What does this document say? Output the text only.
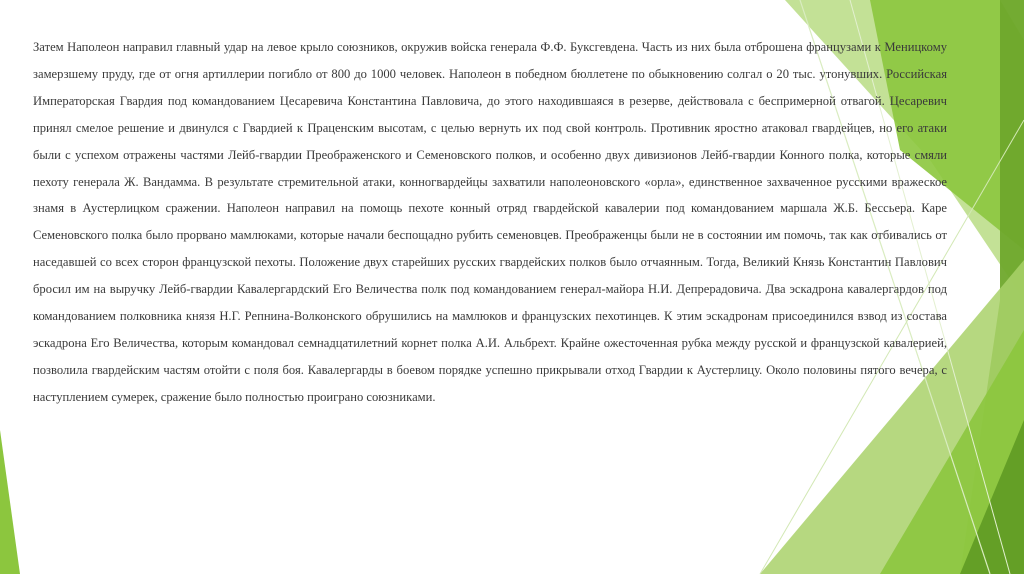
Затем Наполеон направил главный удар на левое крыло союзников, окружив войска генерала Ф.Ф. Буксгевдена. Часть из них была отброшена французами к Меницкому замерзшему пруду, где от огня артиллерии погибло от 800 до 1000 человек. Наполеон в победном бюллетене по обыкновению солгал о 20 тыс. утонувших. Российская Императорская Гвардия под командованием Цесаревича Константина Павловича, до этого находившаяся в резерве, действовала с беспримерной отвагой. Цесаревич принял смелое решение и двинулся с Гвардией к Праценским высотам, с целью вернуть их под свой контроль. Противник яростно атаковал гвардейцев, но его атаки были с успехом отражены частями Лейб-гвардии Преображенского и Семеновского полков, и особенно двух дивизионов Лейб-гвардии Конного полка, которые смяли пехоту генерала Ж. Вандамма. В результате стремительной атаки, конногвардейцы захватили наполеоновского «орла», единственное захваченное русскими вражеское знамя в Аустерлицком сражении. Наполеон направил на помощь пехоте конный отряд гвардейской кавалерии под командованием маршала Ж.Б. Бессьера. Каре Семеновского полка было прорвано мамлюками, которые начали беспощадно рубить семеновцев. Преображенцы были не в состоянии им помочь, так как отбивались от наседавшей со всех сторон французской пехоты. Положение двух старейших русских гвардейских полков было отчаянным. Тогда, Великий Князь Константин Павлович бросил им на выручку Лейб-гвардии Кавалергардский Его Величества полк под командованием генерал-майора Н.И. Депрерадовича. Два эскадрона кавалергардов под командованием полковника князя Н.Г. Репнина-Волконского обрушились на мамлюков и французских пехотинцев. К этим эскадронам присоединился взвод из состава эскадрона Его Величества, которым командовал семнадцатилетний корнет полка А.И. Альбрехт. Крайне ожесточенная рубка между русской и французской кавалерией, позволила гвардейским частям отойти с поля боя. Кавалергарды в боевом порядке успешно прикрывали отход Гвардии к Аустерлицу. Около половины пятого вечера, с наступлением сумерек, сражение было полностью проиграно союзниками.
